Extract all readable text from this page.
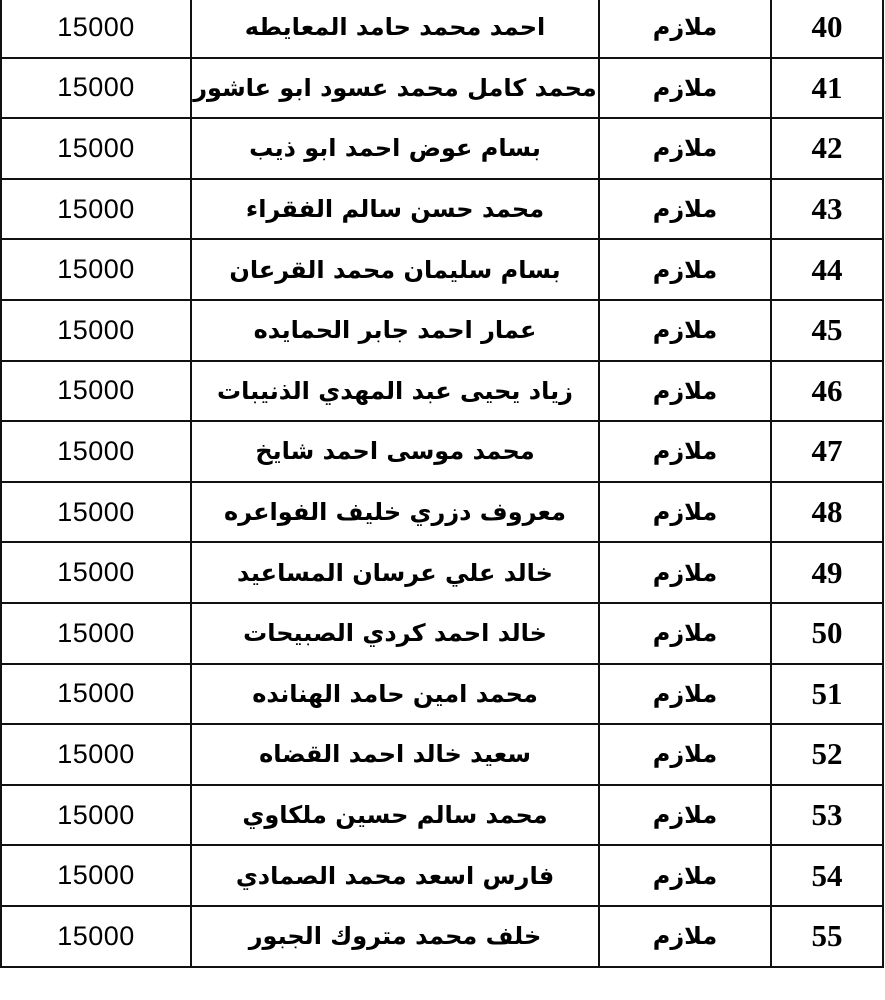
15000	احمد محمد حامد المعايطه	ملازم	40
15000	محمد كامل محمد عسود ابو عاشور	ملازم	41
15000	بسام عوض احمد ابو ذيب	ملازم	42
15000	محمد حسن سالم الفقراء	ملازم	43
15000	بسام سليمان محمد القرعان	ملازم	44
15000	عمار احمد جابر الحمايده	ملازم	45
15000	زياد يحيى عبد المهدي الذنيبات	ملازم	46
15000	محمد موسى احمد شايخ	ملازم	47
15000	معروف دزري خليف الفواعره	ملازم	48
15000	خالد علي عرسان المساعيد	ملازم	49
15000	خالد احمد كردي الصبيحات	ملازم	50
15000	محمد امين حامد الهنانده	ملازم	51
15000	سعيد خالد احمد القضاه	ملازم	52
15000	محمد سالم حسين ملكاوي	ملازم	53
15000	فارس اسعد محمد الصمادي	ملازم	54
15000	خلف محمد متروك الجبور	ملازم	55
